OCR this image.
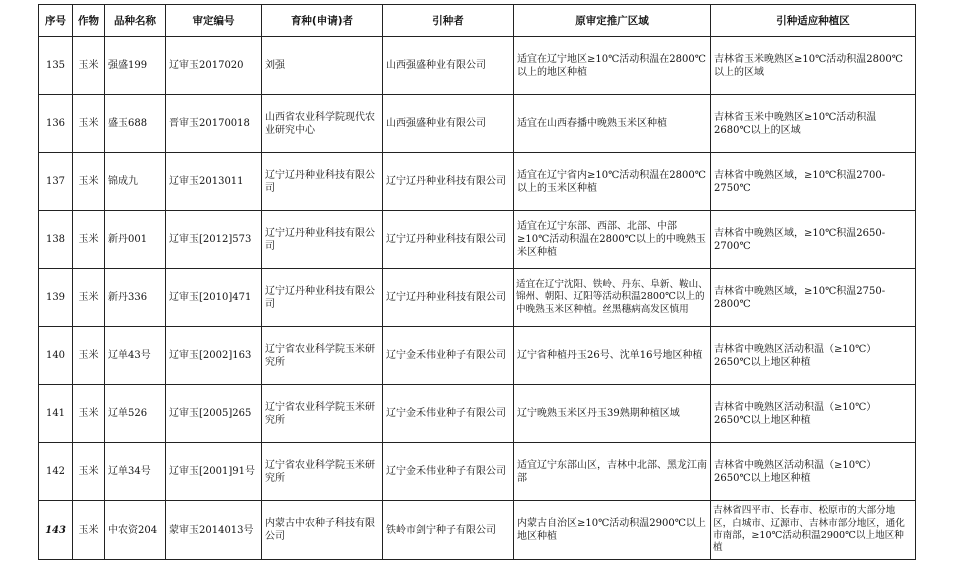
序号	作物	品种名称	审定编号	育种(申请)者	引种者	原审定推广区域	引种适应种植区
135	玉米	强盛199	辽审玉2017020	刘强	山西强盛种业有限公司	适宜在辽宁地区≥10℃活动积温在2800℃以上的地区种植	吉林省玉米晚熟区≥10℃活动积温2800℃以上的区域
136	玉米	盛玉688	晋审玉20170018	山西省农业科学院现代农业研究中心	山西强盛种业有限公司	适宜在山西春播中晚熟玉米区种植	吉林省玉米中晚熟区≥10℃活动积温2680℃以上的区域
137	玉米	锦成九	辽审玉2013011	辽宁辽丹种业科技有限公司	辽宁辽丹种业科技有限公司	适宜在辽宁省内≥10℃活动积温在2800℃以上的玉米区种植	吉林省中晚熟区域，≥10℃积温2700-2750℃
138	玉米	新丹001	辽审玉[2012]573	辽宁辽丹种业科技有限公司	辽宁辽丹种业科技有限公司	适宜在辽宁东部、西部、北部、中部≥10℃活动积温在2800℃以上的中晚熟玉米区种植	吉林省中晚熟区域，≥10℃积温2650-2700℃
139	玉米	新丹336	辽审玉[2010]471	辽宁辽丹种业科技有限公司	辽宁辽丹种业科技有限公司	适宜在辽宁沈阳、铁岭、丹东、阜新、鞍山、锦州、朝阳、辽阳等活动积温2800℃以上的中晚熟玉米区种植。丝黑穗病高发区慎用	吉林省中晚熟区域，≥10℃积温2750-2800℃
140	玉米	辽单43号	辽审玉[2002]163	辽宁省农业科学院玉米研究所	辽宁金禾伟业种子有限公司	辽宁省种植丹玉26号、沈单16号地区种植	吉林省中晚熟区活动积温（≥10℃）2650℃以上地区种植
141	玉米	辽单526	辽审玉[2005]265	辽宁省农业科学院玉米研究所	辽宁金禾伟业种子有限公司	辽宁晚熟玉米区丹玉39熟期种植区域	吉林省中晚熟区活动积温（≥10℃）2650℃以上地区种植
142	玉米	辽单34号	辽审玉[2001]91号	辽宁省农业科学院玉米研究所	辽宁金禾伟业种子有限公司	适宜辽宁东部山区，吉林中北部、黑龙江南部	吉林省中晚熟区活动积温（≥10℃）2650℃以上地区种植
143	玉米	中农资204	蒙审玉2014013号	内蒙古中农种子科技有限公司	铁岭市剑宁种子有限公司	内蒙古自治区≥10℃活动积温2900℃以上地区种植	吉林省四平市、长春市、松原市的大部分地区，白城市、辽源市、吉林市部分地区，通化市南部，≥10℃活动积温2900℃以上地区种植
